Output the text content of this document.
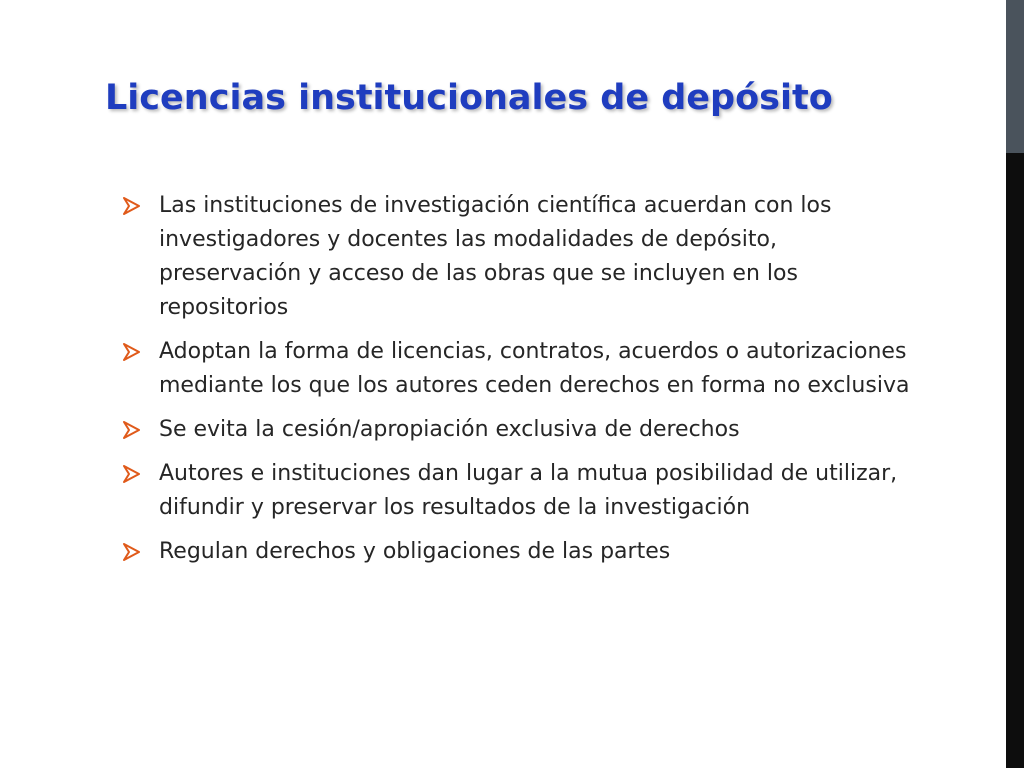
Licencias institucionales de depósito
Las instituciones de investigación científica acuerdan con los investigadores y docentes las modalidades de depósito, preservación y acceso de las obras que se incluyen en los repositorios
Adoptan la forma de licencias, contratos, acuerdos o autorizaciones mediante los que los autores ceden derechos en forma no exclusiva
Se evita la cesión/apropiación exclusiva de derechos
Autores e instituciones dan lugar a la mutua posibilidad de utilizar, difundir y preservar los resultados de la investigación
Regulan derechos y obligaciones de las partes
